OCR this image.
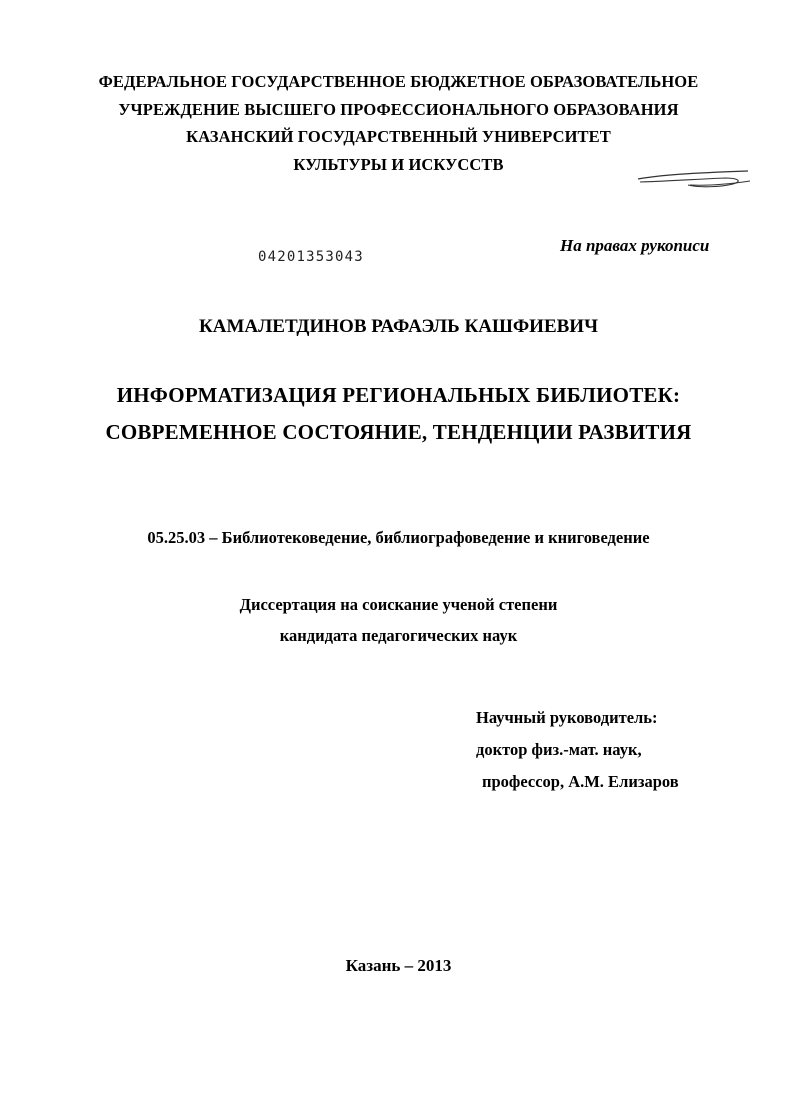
ФЕДЕРАЛЬНОЕ ГОСУДАРСТВЕННОЕ БЮДЖЕТНОЕ ОБРАЗОВАТЕЛЬНОЕ
УЧРЕЖДЕНИЕ ВЫСШЕГО ПРОФЕССИОНАЛЬНОГО ОБРАЗОВАНИЯ
КАЗАНСКИЙ ГОСУДАРСТВЕННЫЙ УНИВЕРСИТЕТ
КУЛЬТУРЫ И ИСКУССТВ
На правах рукописи
04201353043
КАМАЛЕТДИНОВ РАФАЭЛЬ КАШФИЕВИЧ
ИНФОРМАТИЗАЦИЯ РЕГИОНАЛЬНЫХ БИБЛИОТЕК:
СОВРЕМЕННОЕ СОСТОЯНИЕ, ТЕНДЕНЦИИ РАЗВИТИЯ
05.25.03 – Библиотековедение, библиографоведение и книговедение
Диссертация на соискание ученой степени
кандидата педагогических наук
Научный руководитель:
доктор физ.-мат. наук,
профессор, А.М. Елизаров
Казань – 2013
